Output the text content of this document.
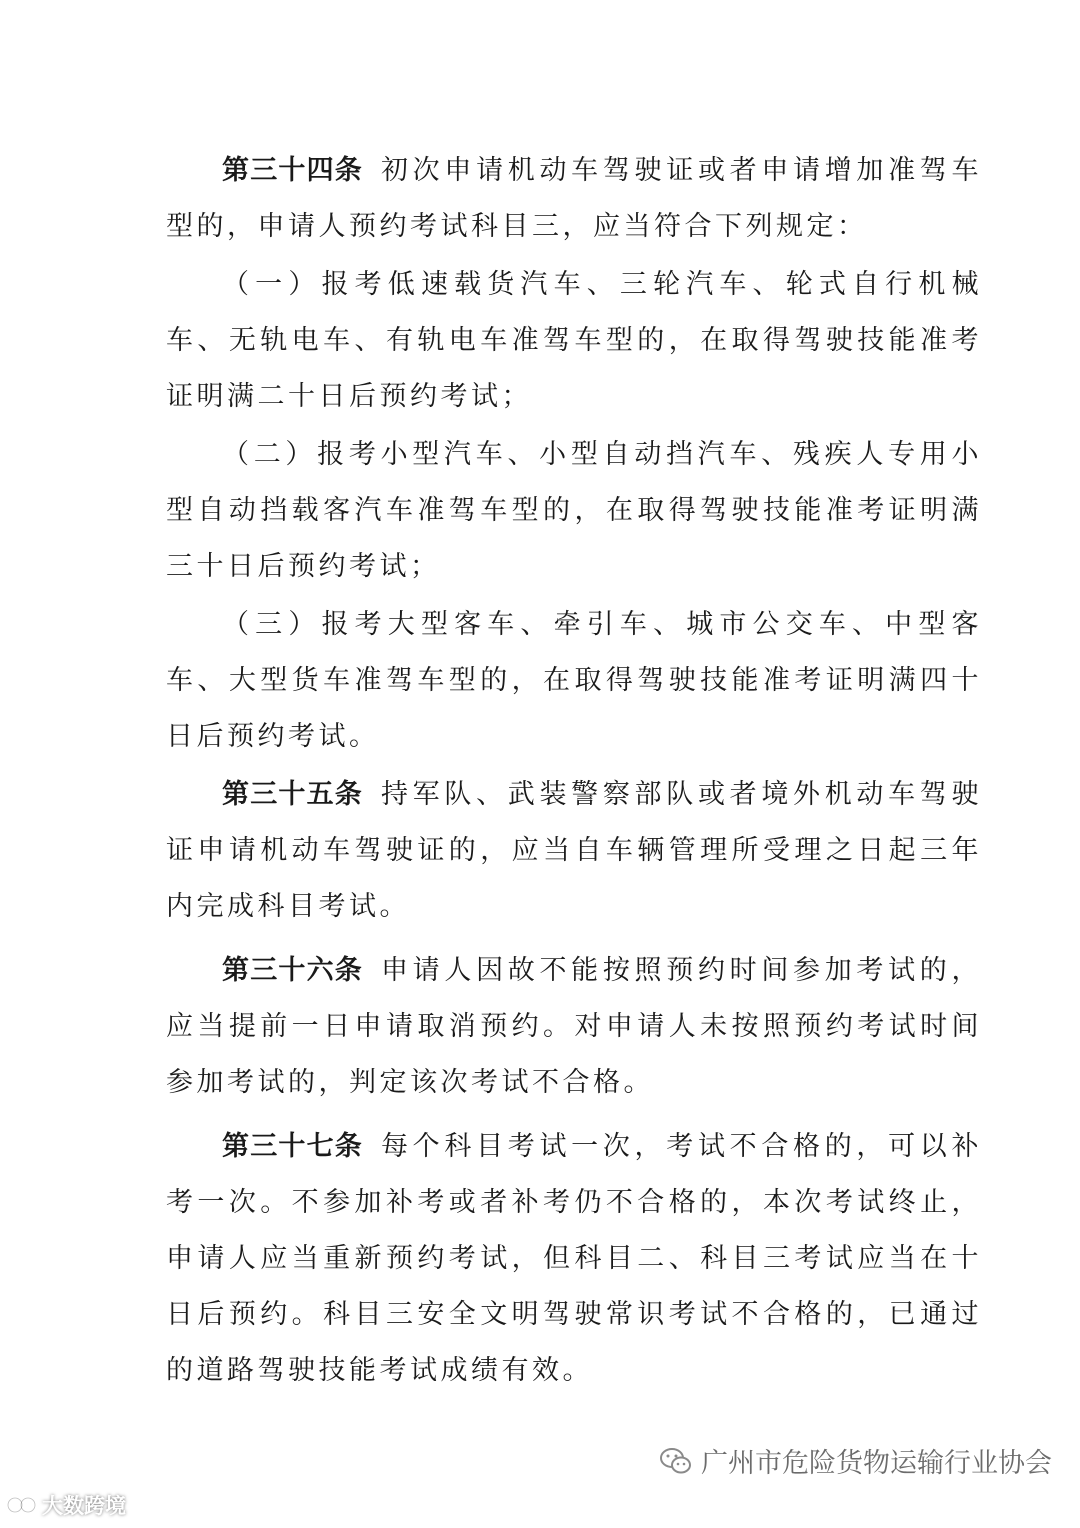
第三十四条 初次申请机动车驾驶证或者申请增加准驾车型的，申请人预约考试科目三，应当符合下列规定：

（一）报考低速载货汽车、三轮汽车、轮式自行机械车、无轨电车、有轨电车准驾车型的，在取得驾驶技能准考证明满二十日后预约考试；

（二）报考小型汽车、小型自动挡汽车、残疾人专用小型自动挡载客汽车准驾车型的，在取得驾驶技能准考证明满三十日后预约考试；

（三）报考大型客车、牵引车、城市公交车、中型客车、大型货车准驾车型的，在取得驾驶技能准考证明满四十日后预约考试。

第三十五条 持军队、武装警察部队或者境外机动车驾驶证申请机动车驾驶证的，应当自车辆管理所受理之日起三年内完成科目考试。

第三十六条 申请人因故不能按照预约时间参加考试的，应当提前一日申请取消预约。对申请人未按照预约考试时间参加考试的，判定该次考试不合格。

第三十七条 每个科目考试一次，考试不合格的，可以补考一次。不参加补考或者补考仍不合格的，本次考试终止，申请人应当重新预约考试，但科目二、科目三考试应当在十日后预约。科目三安全文明驾驶常识考试不合格的，已通过的道路驾驶技能考试成绩有效。

广州市危险货物运输行业协会
大数跨境
